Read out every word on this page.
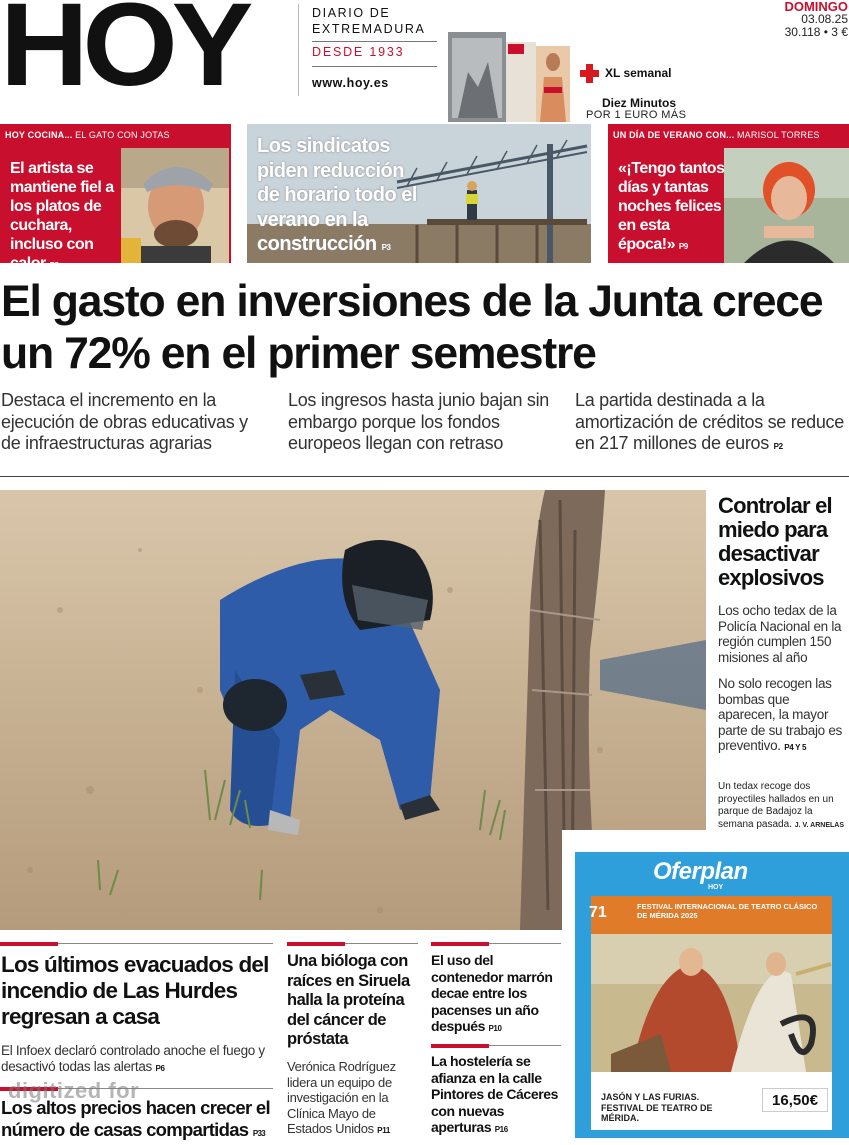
HOY	DIARIO DE EXTREMADURA
DESDE 1933
www.hoy.es
XL semanal
Diez Minutos
POR 1 EURO MÁS
DOMINGO
03.08.25
30.118 • 3 €
HOY COCINA... EL GATO CON JOTAS
El artista se mantiene fiel a los platos de cuchara, incluso con calor P8
Los sindicatos piden reducción de horario todo el verano en la construcción P3
UN DÍA DE VERANO CON... MARISOL TORRES
«¡Tengo tantos días y tantas noches felices en esta época!» P9
El gasto en inversiones de la Junta crece un 72% en el primer semestre
Destaca el incremento en la ejecución de obras educativas y de infraestructuras agrarias
Los ingresos hasta junio bajan sin embargo porque los fondos europeos llegan con retraso
La partida destinada a la amortización de créditos se reduce en 217 millones de euros P2
Controlar el miedo para desactivar explosivos
Los ocho tedax de la Policía Nacional en la región cumplen 150 misiones al año
No solo recogen las bombas que aparecen, la mayor parte de su trabajo es preventivo. P4 Y 5
Un tedax recoge dos proyectiles hallados en un parque de Badajoz la semana pasada. J. V. ARNELAS
Oferplan
HOY
71	FESTIVAL INTERNACIONAL DE TEATRO CLÁSICO DE MÉRIDA 2025
JASÓN Y LAS FURIAS. FESTIVAL DE TEATRO DE MÉRIDA.
16,50€
Los últimos evacuados del incendio de Las Hurdes regresan a casa
El Infoex declaró controlado anoche el fuego y desactivó todas las alertas P6
Los altos precios hacen crecer el número de casas compartidas P33
digitized for
Una bióloga con raíces en Siruela halla la proteína del cáncer de próstata
Verónica Rodríguez lidera un equipo de investigación en la Clínica Mayo de Estados Unidos P11
El uso del contenedor marrón decae entre los pacenses un año después P10
La hostelería se afianza en la calle Pintores de Cáceres con nuevas aperturas P16
